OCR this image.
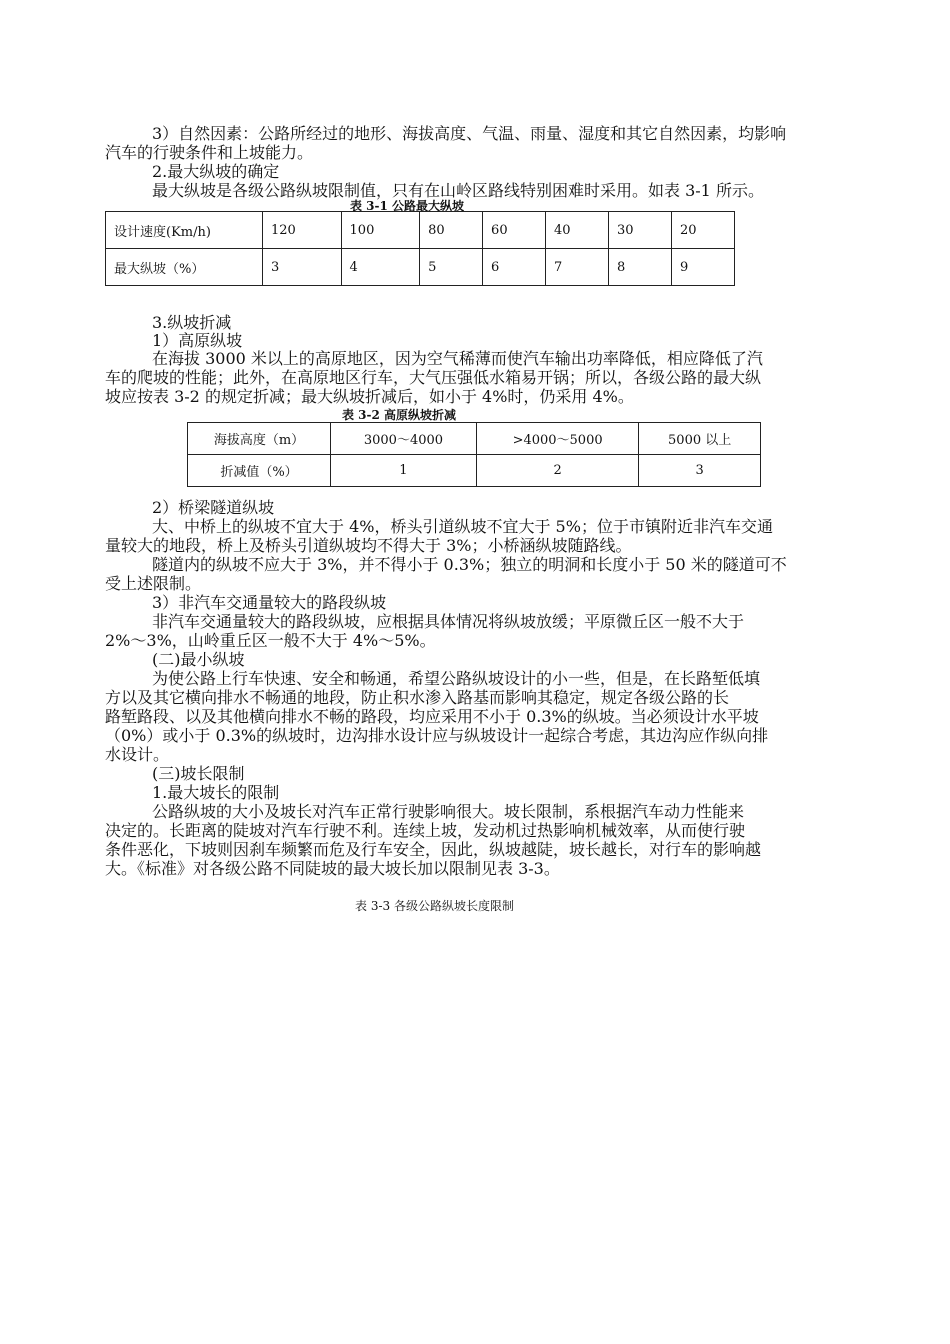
3）自然因素：公路所经过的地形、海拔高度、气温、雨量、湿度和其它自然因素，均影响
汽车的行驶条件和上坡能力。
2.最大纵坡的确定
最大纵坡是各级公路纵坡限制值，只有在山岭区路线特别困难时采用。如表 3-1 所示。
表 3-1 公路最大纵坡
设计速度(Km/h)	120	100	80	60	40	30	20
最大纵坡（%）	3	4	5	6	7	8	9
3.纵坡折减
1）高原纵坡
在海拔 3000 米以上的高原地区，因为空气稀薄而使汽车输出功率降低，相应降低了汽
车的爬坡的性能；此外，在高原地区行车，大气压强低水箱易开锅；所以，各级公路的最大纵
坡应按表 3-2 的规定折减；最大纵坡折减后，如小于 4%时，仍采用 4%。
表 3-2 高原纵坡折减
海拔高度（m）	3000～4000	>4000～5000	5000 以上
折减值（%）	1	2	3
2）桥梁隧道纵坡
大、中桥上的纵坡不宜大于 4%，桥头引道纵坡不宜大于 5%；位于市镇附近非汽车交通
量较大的地段，桥上及桥头引道纵坡均不得大于 3%；小桥涵纵坡随路线。
隧道内的纵坡不应大于 3%，并不得小于 0.3%；独立的明洞和长度小于 50 米的隧道可不
受上述限制。
3）非汽车交通量较大的路段纵坡
非汽车交通量较大的路段纵坡，应根据具体情况将纵坡放缓；平原微丘区一般不大于
2%～3%，山岭重丘区一般不大于 4%～5%。
(二)最小纵坡
为使公路上行车快速、安全和畅通，希望公路纵坡设计的小一些，但是，在长路堑低填
方以及其它横向排水不畅通的地段，防止积水渗入路基而影响其稳定，规定各级公路的长
路堑路段、以及其他横向排水不畅的路段，均应采用不小于 0.3%的纵坡。当必须设计水平坡
（0%）或小于 0.3%的纵坡时，边沟排水设计应与纵坡设计一起综合考虑，其边沟应作纵向排
水设计。
(三)坡长限制
1.最大坡长的限制
公路纵坡的大小及坡长对汽车正常行驶影响很大。坡长限制，系根据汽车动力性能来
决定的。长距离的陡坡对汽车行驶不利。连续上坡，发动机过热影响机械效率，从而使行驶
条件恶化，下坡则因刹车频繁而危及行车安全，因此，纵坡越陡，坡长越长，对行车的影响越
大。《标准》对各级公路不同陡坡的最大坡长加以限制见表 3-3。
表 3-3 各级公路纵坡长度限制
